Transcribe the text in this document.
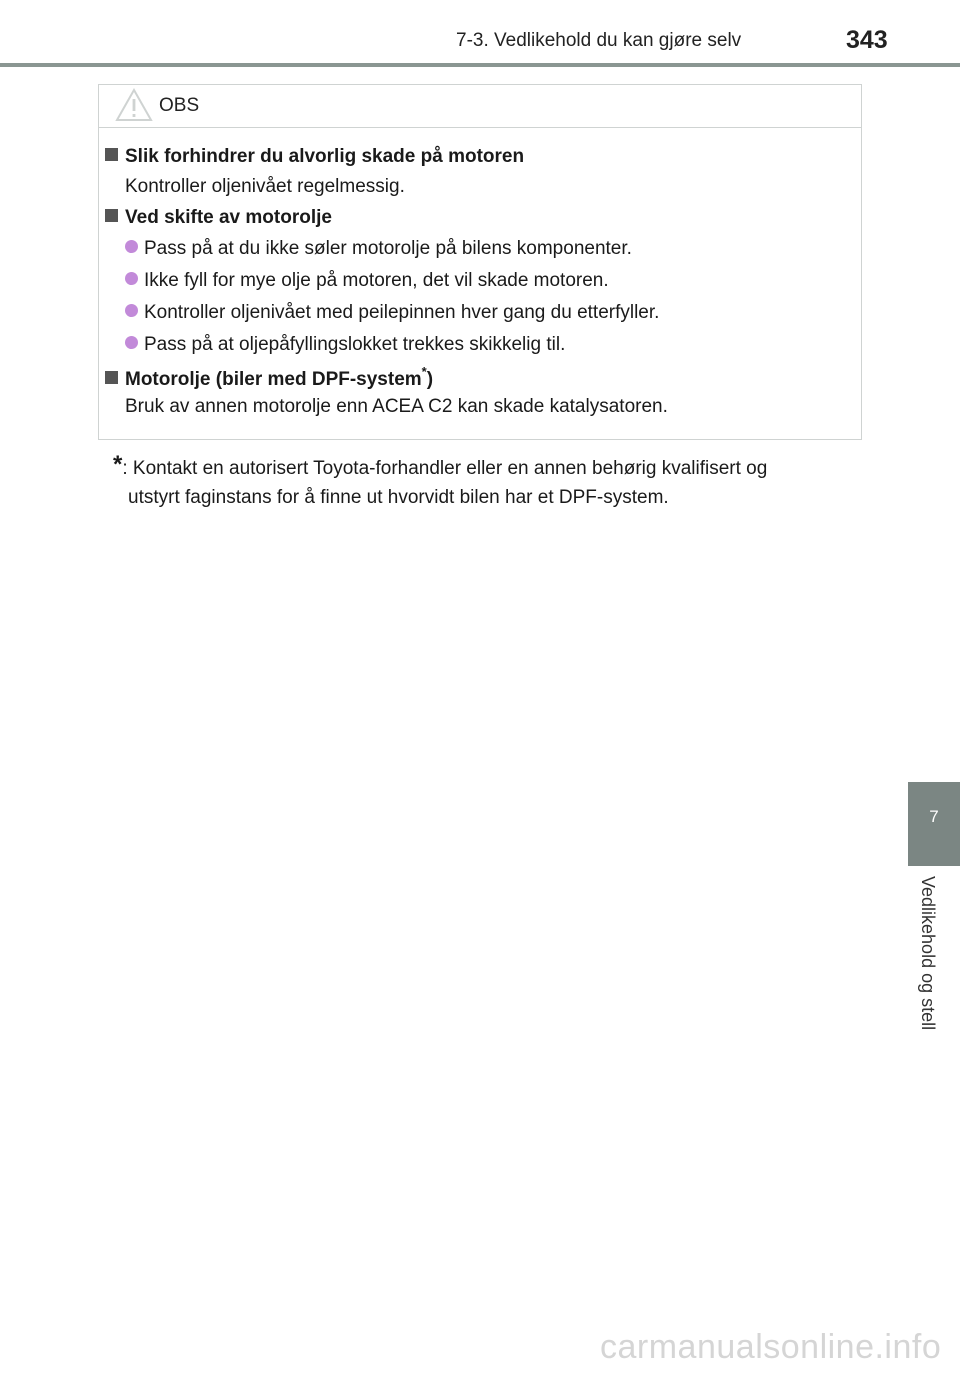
7-3. Vedlikehold du kan gjøre selv	343
OBS
Slik forhindrer du alvorlig skade på motoren
Kontroller oljenivået regelmessig.
Ved skifte av motorolje
Pass på at du ikke søler motorolje på bilens komponenter.
Ikke fyll for mye olje på motoren, det vil skade motoren.
Kontroller oljenivået med peilepinnen hver gang du etterfyller.
Pass på at oljepåfyllingslokket trekkes skikkelig til.
Motorolje (biler med DPF-system*)
Bruk av annen motorolje enn ACEA C2 kan skade katalysatoren.
*: Kontakt en autorisert Toyota-forhandler eller en annen behørig kvalifisert og
utstyrt faginstans for å finne ut hvorvidt bilen har et DPF-system.
7
Vedlikehold og stell
carmanualsonline.info
